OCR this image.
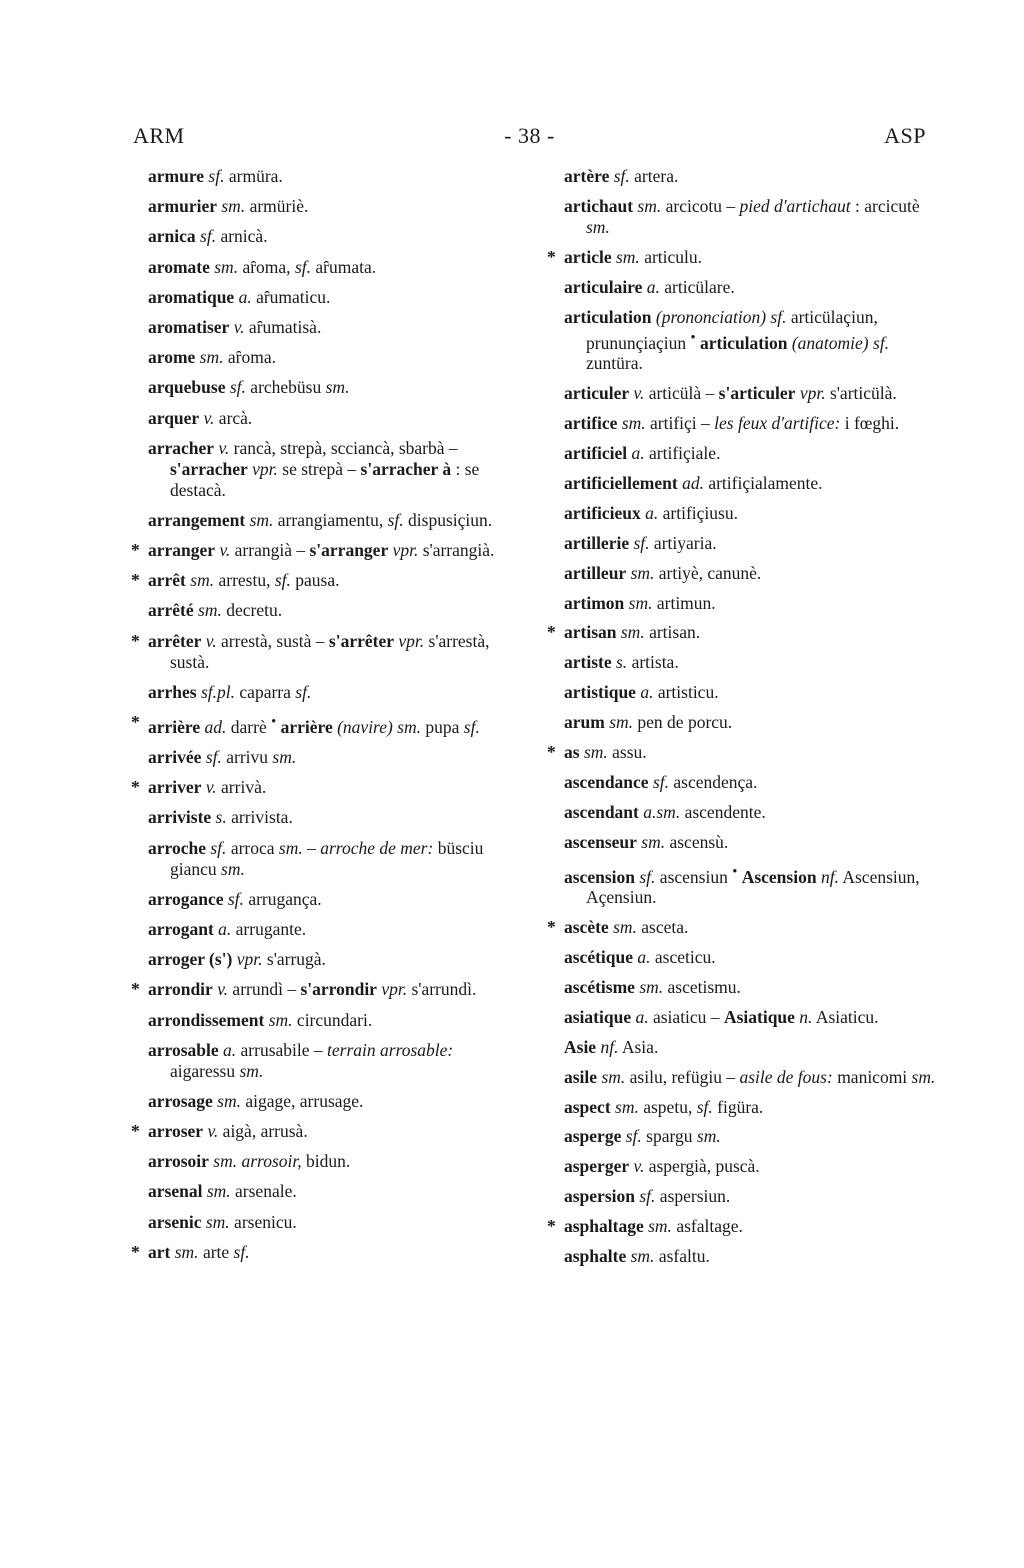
ARM	- 38 -	ASP
armure sf. armüra.
armurier sm. armüriè.
arnica sf. arnicà.
aromate sm. aȓoma, sf. aȓumata.
aromatique a. aȓumaticu.
aromatiser v. aȓumatisà.
arome sm. aȓoma.
arquebuse sf. archebüsu sm.
arquer v. arcà.
arracher v. rancà, strepà, scciancà, sbarbà – s'arracher vpr. se strepà – s'arracher à : se destacà.
arrangement sm. arrangiamentu, sf. dispusiçiun.
* arranger v. arrangià – s'arranger vpr. s'arrangià.
* arrêt sm. arrestu, sf. pausa.
arrêté sm. decretu.
* arrêter v. arrestà, sustà – s'arrêter vpr. s'arrestà, sustà.
arrhes sf.pl. caparra sf.
* arrière ad. darrè • arrière (navire) sm. pupa sf.
arrivée sf. arrivu sm.
* arriver v. arrivà.
arriviste s. arrivista.
arroche sf. arroca sm. – arroche de mer: büsciu giancu sm.
arrogance sf. arrugança.
arrogant a. arrugante.
arroger (s') vpr. s'arrugà.
* arrondir v. arrundì – s'arrondir vpr. s'arrundì.
arrondissement sm. circundari.
arrosable a. arrusabile – terrain arrosable: aigaressu sm.
arrosage sm. aigage, arrusage.
* arroser v. aigà, arrusà.
arrosoir sm. arrosoir, bidun.
arsenal sm. arsenale.
arsenic sm. arsenicu.
* art sm. arte sf.
artère sf. artera.
artichaut sm. arcicotu – pied d'artichaut : arcicutè sm.
* article sm. articulu.
articulaire a. articülare.
articulation (prononciation) sf. articülaçiun, prununçiaçiun • articulation (anatomie) sf. zuntüra.
articuler v. articülà – s'articuler vpr. s'articülà.
artifice sm. artifiçi – les feux d'artifice: i fœghi.
artificiel a. artifiçiale.
artificiellement ad. artifiçialamente.
artificieux a. artifiçiusu.
artillerie sf. artiyaria.
artilleur sm. artiyè, canunè.
artimon sm. artimun.
* artisan sm. artisan.
artiste s. artista.
artistique a. artisticu.
arum sm. pen de porcu.
* as sm. assu.
ascendance sf. ascendença.
ascendant a.sm. ascendente.
ascenseur sm. ascensù.
ascension sf. ascensiun • Ascension nf. Ascensiun, Açensiun.
* ascète sm. asceta.
ascétique a. asceticu.
ascétisme sm. ascetismu.
asiatique a. asiaticu – Asiatique n. Asiaticu.
Asie nf. Asia.
asile sm. asilu, refügiu – asile de fous: manicomi sm.
aspect sm. aspetu, sf. figüra.
asperge sf. spargu sm.
asperger v. aspergià, puscà.
aspersion sf. aspersiun.
* asphaltage sm. asfaltage.
asphalte sm. asfaltu.
